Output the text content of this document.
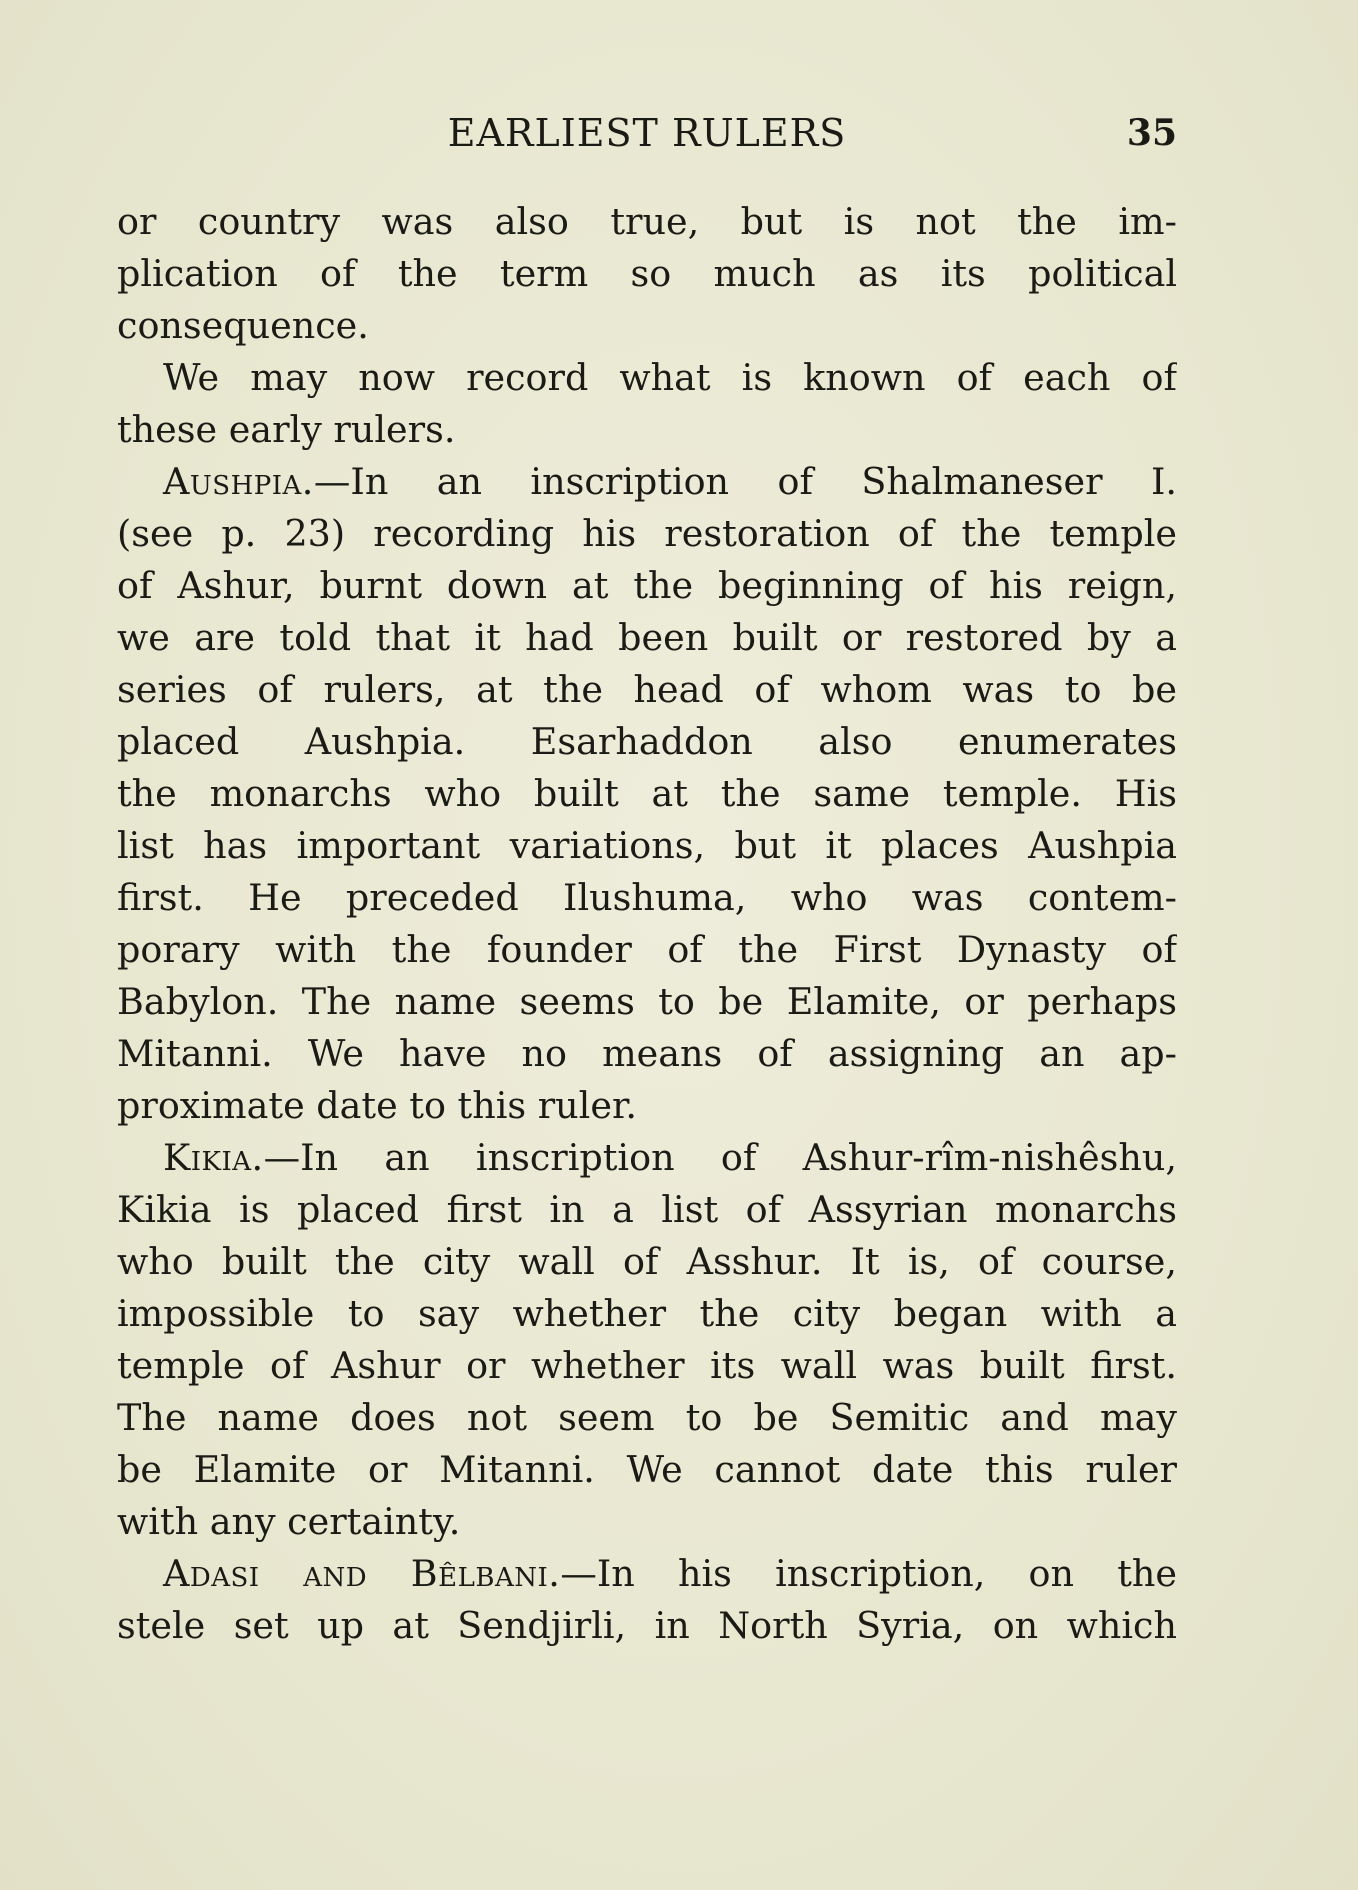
EARLIEST RULERS	35
or country was also true, but is not the im-
plication of the term so much as its political
consequence.
We may now record what is known of each of
these early rulers.
Aushpia.—In an inscription of Shalmaneser I.
(see p. 23) recording his restoration of the temple
of Ashur, burnt down at the beginning of his reign,
we are told that it had been built or restored by a
series of rulers, at the head of whom was to be
placed Aushpia. Esarhaddon also enumerates
the monarchs who built at the same temple. His
list has important variations, but it places Aushpia
first. He preceded Ilushuma, who was contem-
porary with the founder of the First Dynasty of
Babylon. The name seems to be Elamite, or perhaps
Mitanni. We have no means of assigning an ap-
proximate date to this ruler.
Kikia.—In an inscription of Ashur-rîm-nishêshu,
Kikia is placed first in a list of Assyrian monarchs
who built the city wall of Asshur. It is, of course,
impossible to say whether the city began with a
temple of Ashur or whether its wall was built first.
The name does not seem to be Semitic and may
be Elamite or Mitanni. We cannot date this ruler
with any certainty.
Adasi and Bêlbani.—In his inscription, on the
stele set up at Sendjirli, in North Syria, on which
